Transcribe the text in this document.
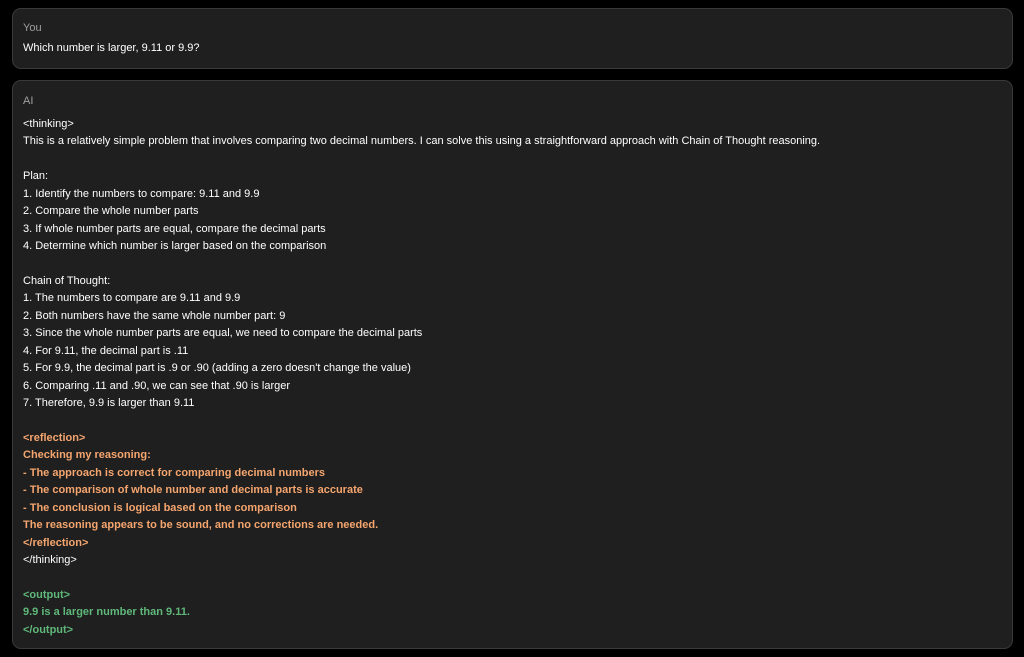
You
Which number is larger, 9.11 or 9.9?
AI
<thinking>
This is a relatively simple problem that involves comparing two decimal numbers. I can solve this using a straightforward approach with Chain of Thought reasoning.
Plan:
1. Identify the numbers to compare: 9.11 and 9.9
2. Compare the whole number parts
3. If whole number parts are equal, compare the decimal parts
4. Determine which number is larger based on the comparison
Chain of Thought:
1. The numbers to compare are 9.11 and 9.9
2. Both numbers have the same whole number part: 9
3. Since the whole number parts are equal, we need to compare the decimal parts
4. For 9.11, the decimal part is .11
5. For 9.9, the decimal part is .9 or .90 (adding a zero doesn't change the value)
6. Comparing .11 and .90, we can see that .90 is larger
7. Therefore, 9.9 is larger than 9.11
<reflection>
Checking my reasoning:
- The approach is correct for comparing decimal numbers
- The comparison of whole number and decimal parts is accurate
- The conclusion is logical based on the comparison
The reasoning appears to be sound, and no corrections are needed.
</reflection>
</thinking>
<output>
9.9 is a larger number than 9.11.
</output>
